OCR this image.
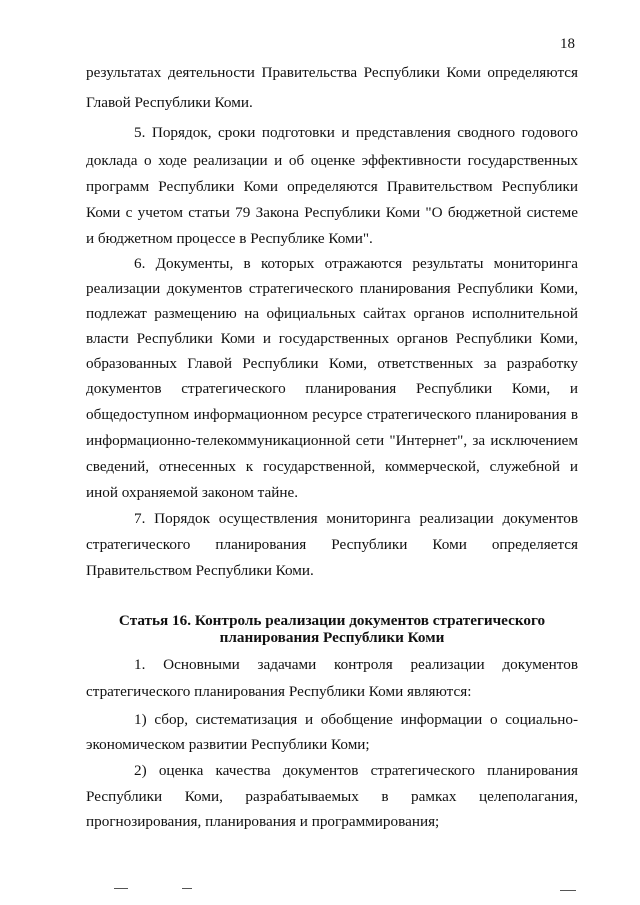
18
результатах деятельности Правительства Республики Коми определяются
Главой Республики Коми.
5. Порядок, сроки подготовки и представления сводного годового
доклада о ходе реализации и об оценке эффективности государственных
программ Республики Коми определяются Правительством Республики
Коми с учетом статьи 79 Закона Республики Коми "О бюджетной системе
и бюджетном процессе в Республике Коми".
6. Документы, в которых отражаются результаты мониторинга
реализации документов стратегического планирования Республики Коми,
подлежат размещению на официальных сайтах органов исполнительной
власти Республики Коми и государственных органов Республики Коми,
образованных Главой Республики Коми, ответственных за разработку
документов стратегического планирования Республики Коми, и
общедоступном информационном ресурсе стратегического планирования в
информационно-телекоммуникационной сети "Интернет", за исключением
сведений, отнесенных к государственной, коммерческой, служебной и
иной охраняемой законом тайне.
7. Порядок осуществления мониторинга реализации документов
стратегического планирования Республики Коми определяется
Правительством Республики Коми.
Статья 16. Контроль реализации документов стратегического
планирования Республики Коми
1. Основными задачами контроля реализации документов
стратегического планирования Республики Коми являются:
1) сбор, систематизация и обобщение информации о социально-
экономическом развитии Республики Коми;
2) оценка качества документов стратегического планирования
Республики Коми, разрабатываемых в рамках целеполагания,
прогнозирования, планирования и программирования;
